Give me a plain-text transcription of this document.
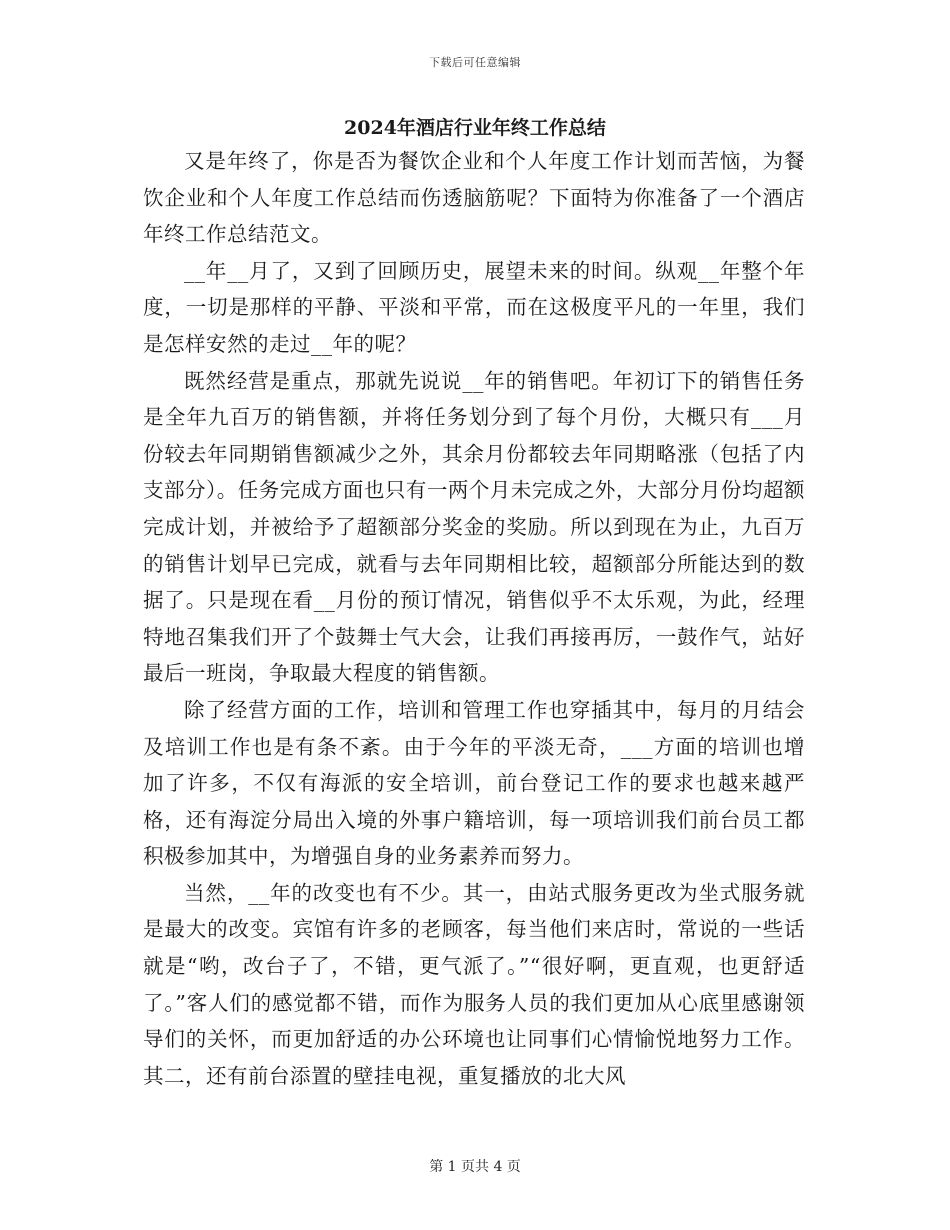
下载后可任意编辑
2024年酒店行业年终工作总结

又是年终了，你是否为餐饮企业和个人年度工作计划而苦恼，为餐饮企业和个人年度工作总结而伤透脑筋呢？下面特为你准备了一个酒店年终工作总结范文。

__年__月了，又到了回顾历史，展望未来的时间。纵观__年整个年度，一切是那样的平静、平淡和平常，而在这极度平凡的一年里，我们是怎样安然的走过__年的呢？

既然经营是重点，那就先说说__年的销售吧。年初订下的销售任务是全年九百万的销售额，并将任务划分到了每个月份，大概只有___月份较去年同期销售额减少之外，其余月份都较去年同期略涨（包括了内支部分）。任务完成方面也只有一两个月未完成之外，大部分月份均超额完成计划，并被给予了超额部分奖金的奖励。所以到现在为止，九百万的销售计划早已完成，就看与去年同期相比较，超额部分所能达到的数据了。只是现在看__月份的预订情况，销售似乎不太乐观，为此，经理特地召集我们开了个鼓舞士气大会，让我们再接再厉，一鼓作气，站好最后一班岗，争取最大程度的销售额。

除了经营方面的工作，培训和管理工作也穿插其中，每月的月结会及培训工作也是有条不紊。由于今年的平淡无奇，___方面的培训也增加了许多，不仅有海派的安全培训，前台登记工作的要求也越来越严格，还有海淀分局出入境的外事户籍培训，每一项培训我们前台员工都积极参加其中，为增强自身的业务素养而努力。

当然，__年的改变也有不少。其一，由站式服务更改为坐式服务就是最大的改变。宾馆有许多的老顾客，每当他们来店时，常说的一些话就是“哟，改台子了，不错，更气派了。”“很好啊，更直观，也更舒适了。”客人们的感觉都不错，而作为服务人员的我们更加从心底里感谢领导们的关怀，而更加舒适的办公环境也让同事们心情愉悦地努力工作。其二，还有前台添置的壁挂电视，重复播放的北大风

第 1 页共 4 页
